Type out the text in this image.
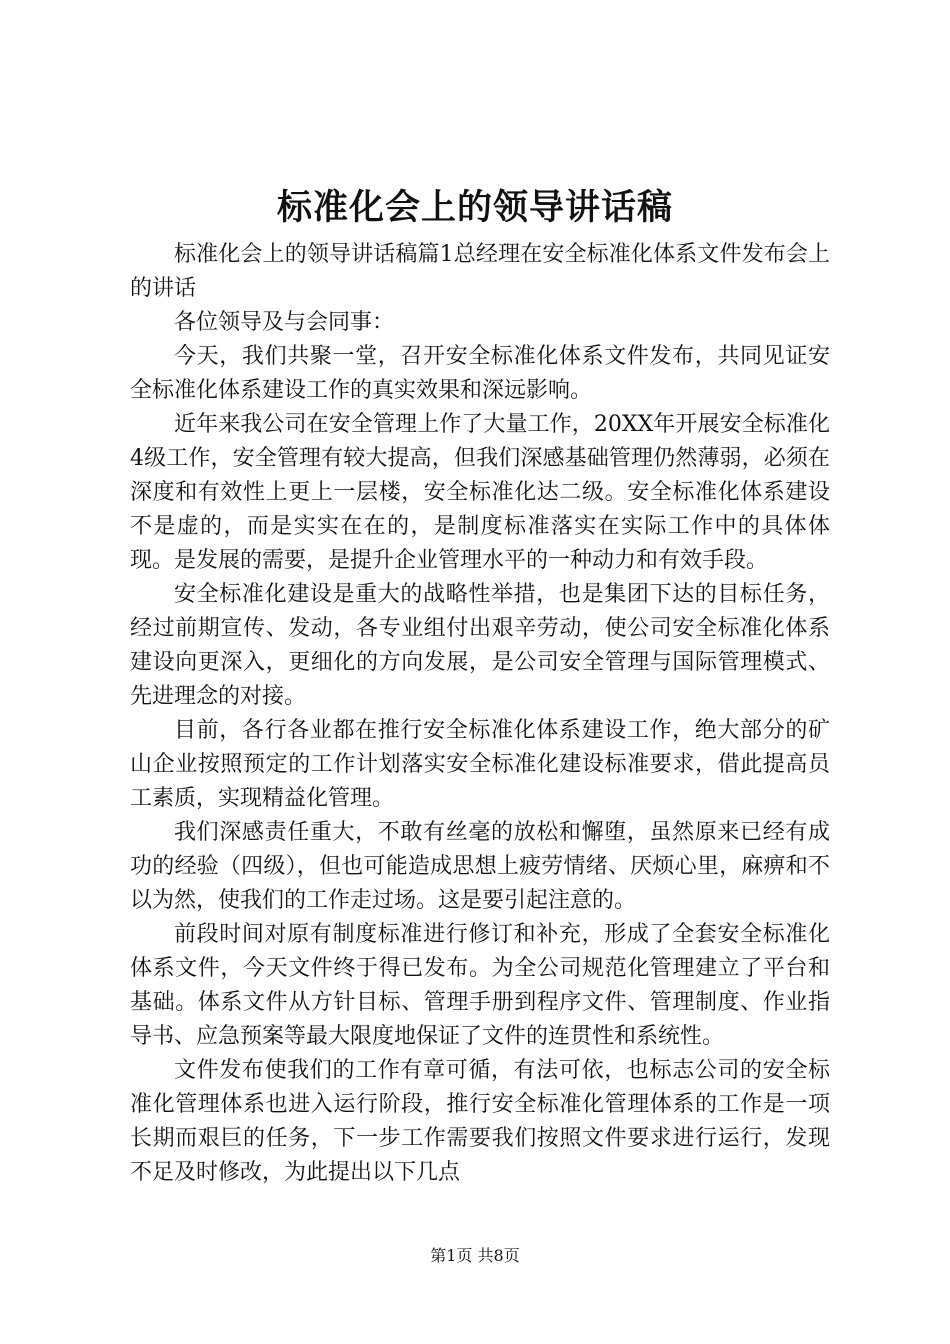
标准化会上的领导讲话稿

标准化会上的领导讲话稿篇1总经理在安全标准化体系文件发布会上的讲话

各位领导及与会同事：

今天，我们共聚一堂，召开安全标准化体系文件发布，共同见证安全标准化体系建设工作的真实效果和深远影响。

近年来我公司在安全管理上作了大量工作，20XX年开展安全标准化4级工作，安全管理有较大提高，但我们深感基础管理仍然薄弱，必须在深度和有效性上更上一层楼，安全标准化达二级。安全标准化体系建设不是虚的，而是实实在在的，是制度标准落实在实际工作中的具体体现。是发展的需要，是提升企业管理水平的一种动力和有效手段。

安全标准化建设是重大的战略性举措，也是集团下达的目标任务，经过前期宣传、发动，各专业组付出艰辛劳动，使公司安全标准化体系建设向更深入，更细化的方向发展，是公司安全管理与国际管理模式、先进理念的对接。

目前，各行各业都在推行安全标准化体系建设工作，绝大部分的矿山企业按照预定的工作计划落实安全标准化建设标准要求，借此提高员工素质，实现精益化管理。

我们深感责任重大，不敢有丝毫的放松和懈堕，虽然原来已经有成功的经验（四级），但也可能造成思想上疲劳情绪、厌烦心里，麻痹和不以为然，使我们的工作走过场。这是要引起注意的。

前段时间对原有制度标准进行修订和补充，形成了全套安全标准化体系文件，今天文件终于得已发布。为全公司规范化管理建立了平台和基础。体系文件从方针目标、管理手册到程序文件、管理制度、作业指导书、应急预案等最大限度地保证了文件的连贯性和系统性。

文件发布使我们的工作有章可循，有法可依，也标志公司的安全标准化管理体系也进入运行阶段，推行安全标准化管理体系的工作是一项长期而艰巨的任务，下一步工作需要我们按照文件要求进行运行，发现不足及时修改，为此提出以下几点

第1页 共8页
